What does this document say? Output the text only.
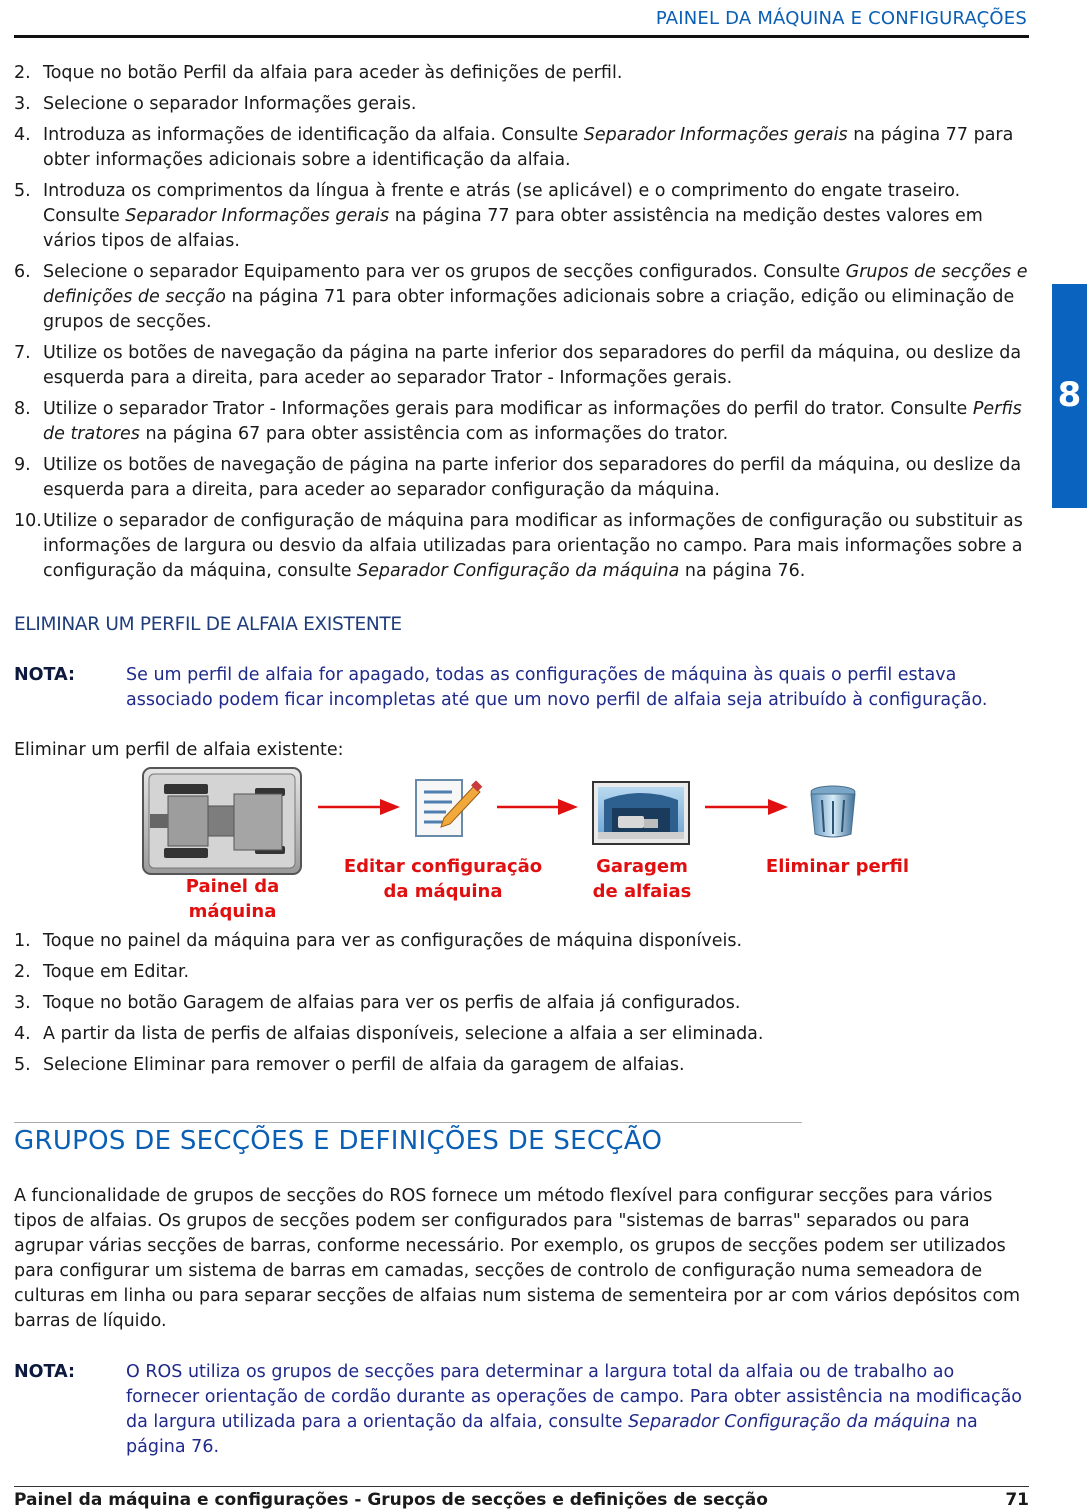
PAINEL DA MÁQUINA E CONFIGURAÇÕES
8
2. Toque no botão Perfil da alfaia para aceder às definições de perfil.
3. Selecione o separador Informações gerais.
4. Introduza as informações de identificação da alfaia. Consulte Separador Informações gerais na página 77 para obter informações adicionais sobre a identificação da alfaia.
5. Introduza os comprimentos da língua à frente e atrás (se aplicável) e o comprimento do engate traseiro. Consulte Separador Informações gerais na página 77 para obter assistência na medição destes valores em vários tipos de alfaias.
6. Selecione o separador Equipamento para ver os grupos de secções configurados. Consulte Grupos de secções e definições de secção na página 71 para obter informações adicionais sobre a criação, edição ou eliminação de grupos de secções.
7. Utilize os botões de navegação da página na parte inferior dos separadores do perfil da máquina, ou deslize da esquerda para a direita, para aceder ao separador Trator - Informações gerais.
8. Utilize o separador Trator - Informações gerais para modificar as informações do perfil do trator. Consulte Perfis de tratores na página 67 para obter assistência com as informações do trator.
9. Utilize os botões de navegação de página na parte inferior dos separadores do perfil da máquina, ou deslize da esquerda para a direita, para aceder ao separador configuração da máquina.
10. Utilize o separador de configuração de máquina para modificar as informações de configuração ou substituir as informações de largura ou desvio da alfaia utilizadas para orientação no campo. Para mais informações sobre a configuração da máquina, consulte Separador Configuração da máquina na página 76.
ELIMINAR UM PERFIL DE ALFAIA EXISTENTE
NOTA:	Se um perfil de alfaia for apagado, todas as configurações de máquina às quais o perfil estava associado podem ficar incompletas até que um novo perfil de alfaia seja atribuído à configuração.
Eliminar um perfil de alfaia existente:
Painel da máquina
Editar configuração
da máquina
Garagem
de alfaias
Eliminar perfil
1. Toque no painel da máquina para ver as configurações de máquina disponíveis.
2. Toque em Editar.
3. Toque no botão Garagem de alfaias para ver os perfis de alfaia já configurados.
4. A partir da lista de perfis de alfaias disponíveis, selecione a alfaia a ser eliminada.
5. Selecione Eliminar para remover o perfil de alfaia da garagem de alfaias.
GRUPOS DE SECÇÕES E DEFINIÇÕES DE SECÇÃO
A funcionalidade de grupos de secções do ROS fornece um método flexível para configurar secções para vários tipos de alfaias. Os grupos de secções podem ser configurados para "sistemas de barras" separados ou para agrupar várias secções de barras, conforme necessário. Por exemplo, os grupos de secções podem ser utilizados para configurar um sistema de barras em camadas, secções de controlo de configuração numa semeadora de culturas em linha ou para separar secções de alfaias num sistema de sementeira por ar com vários depósitos com barras de líquido.
NOTA:	O ROS utiliza os grupos de secções para determinar a largura total da alfaia ou de trabalho ao fornecer orientação de cordão durante as operações de campo. Para obter assistência na modificação da largura utilizada para a orientação da alfaia, consulte Separador Configuração da máquina na página 76.
Painel da máquina e configurações - Grupos de secções e definições de secção	71
